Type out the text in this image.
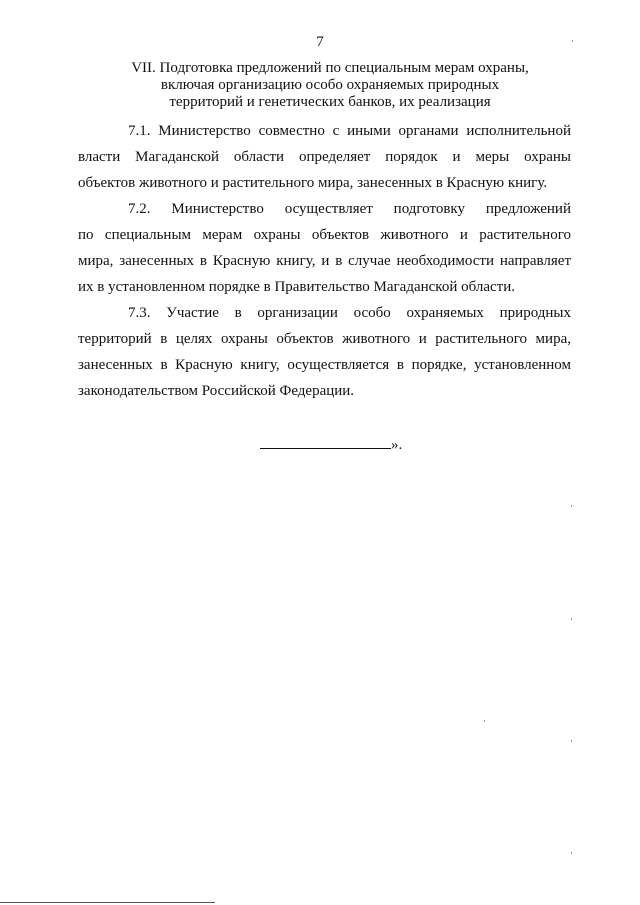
7
VII. Подготовка предложений по специальным мерам охраны,
включая организацию особо охраняемых природных
территорий и генетических банков, их реализация
7.1. Министерство совместно с иными органами исполнительной
власти Магаданской области определяет порядок и меры охраны
объектов животного и растительного мира, занесенных в Красную книгу.
7.2. Министерство осуществляет подготовку предложений
по специальным мерам охраны объектов животного и растительного
мира, занесенных в Красную книгу, и в случае необходимости направляет
их в установленном порядке в Правительство Магаданской области.
7.3. Участие в организации особо охраняемых природных
территорий в целях охраны объектов животного и растительного мира,
занесенных в Красную книгу, осуществляется в порядке, установленном
законодательством Российской Федерации.
».
